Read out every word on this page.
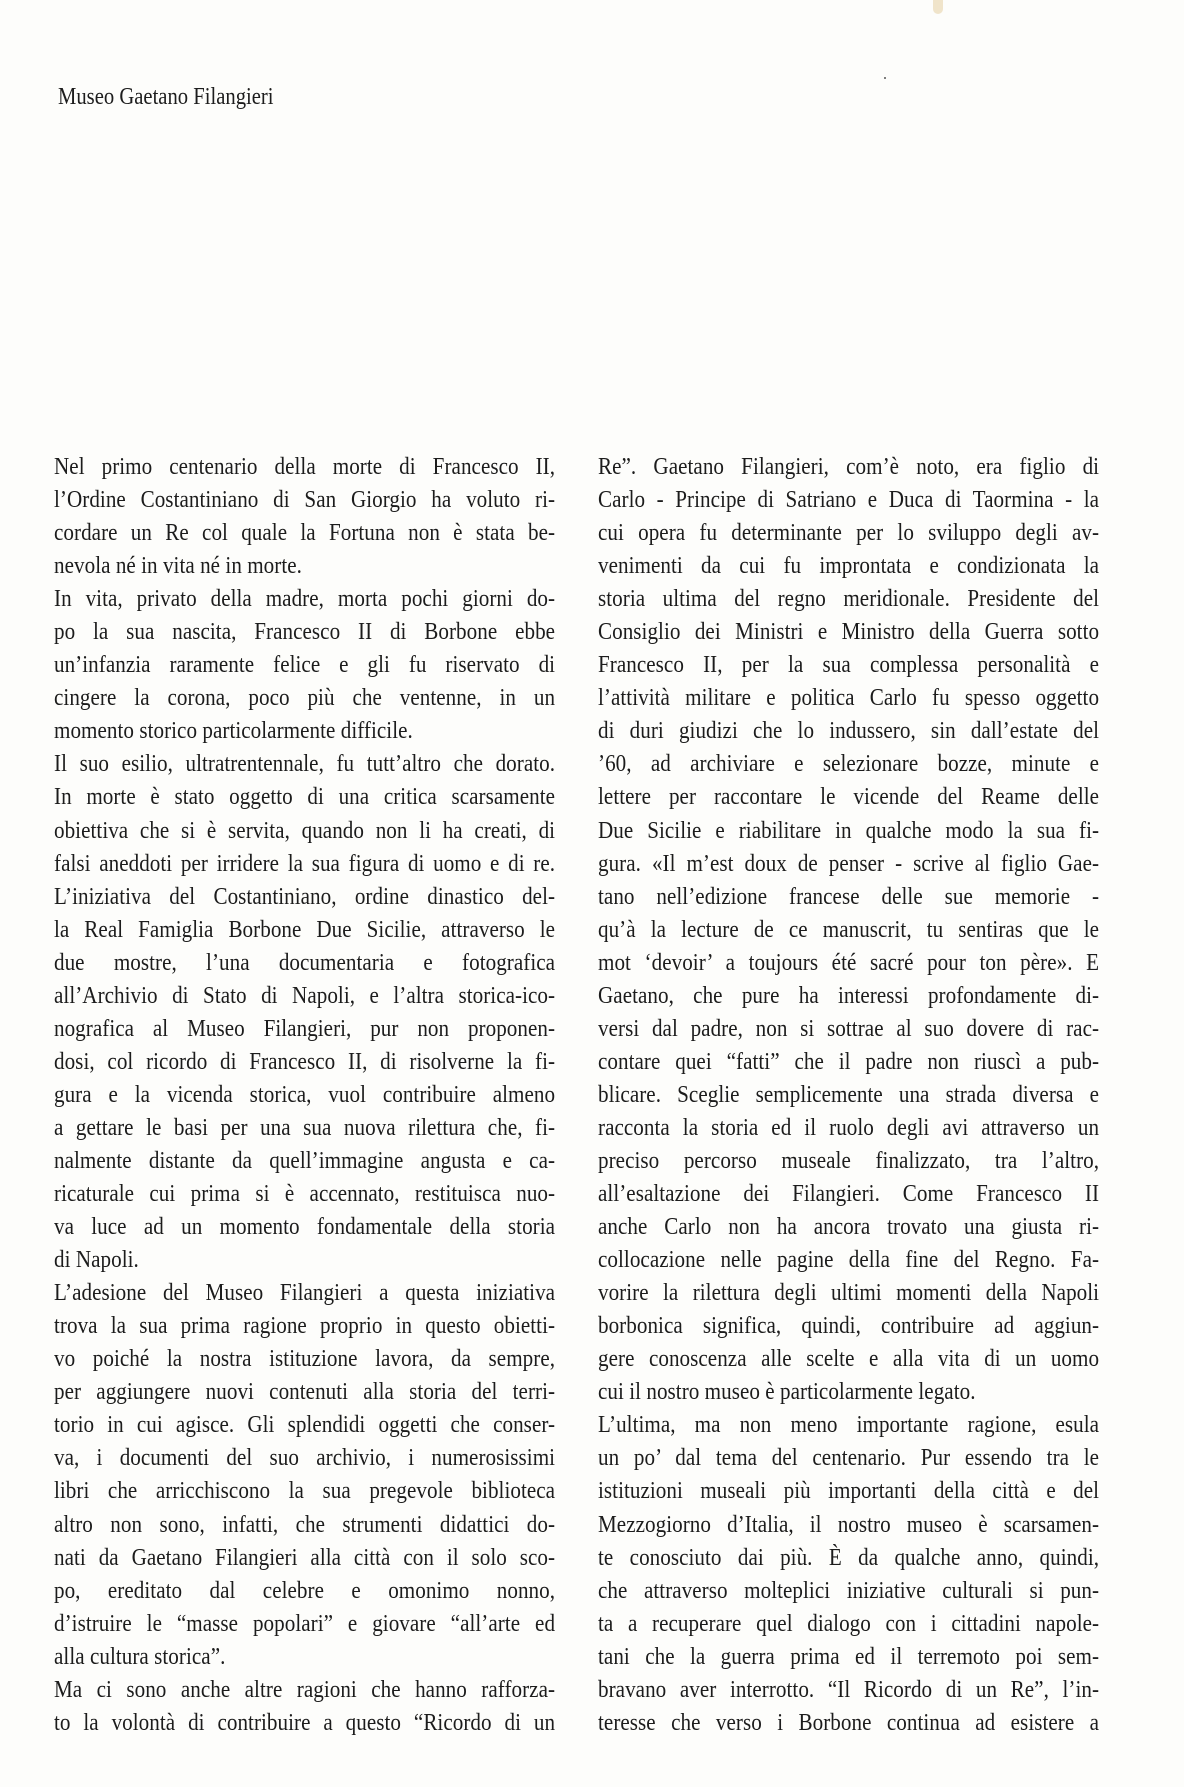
Museo Gaetano Filangieri
Nel primo centenario della morte di Francesco II,
l’Ordine Costantiniano di San Giorgio ha voluto ri-
cordare un Re col quale la Fortuna non è stata be-
nevola né in vita né in morte.
In vita, privato della madre, morta pochi giorni do-
po la sua nascita, Francesco II di Borbone ebbe
un’infanzia raramente felice e gli fu riservato di
cingere la corona, poco più che ventenne, in un
momento storico particolarmente difficile.
Il suo esilio, ultratrentennale, fu tutt’altro che dorato.
In morte è stato oggetto di una critica scarsamente
obiettiva che si è servita, quando non li ha creati, di
falsi aneddoti per irridere la sua figura di uomo e di re.
L’iniziativa del Costantiniano, ordine dinastico del-
la Real Famiglia Borbone Due Sicilie, attraverso le
due mostre, l’una documentaria e fotografica
all’Archivio di Stato di Napoli, e l’altra storica-ico-
nografica al Museo Filangieri, pur non proponen-
dosi, col ricordo di Francesco II, di risolverne la fi-
gura e la vicenda storica, vuol contribuire almeno
a gettare le basi per una sua nuova rilettura che, fi-
nalmente distante da quell’immagine angusta e ca-
ricaturale cui prima si è accennato, restituisca nuo-
va luce ad un momento fondamentale della storia
di Napoli.
L’adesione del Museo Filangieri a questa iniziativa
trova la sua prima ragione proprio in questo obietti-
vo poiché la nostra istituzione lavora, da sempre,
per aggiungere nuovi contenuti alla storia del terri-
torio in cui agisce. Gli splendidi oggetti che conser-
va, i documenti del suo archivio, i numerosissimi
libri che arricchiscono la sua pregevole biblioteca
altro non sono, infatti, che strumenti didattici do-
nati da Gaetano Filangieri alla città con il solo sco-
po, ereditato dal celebre e omonimo nonno,
d’istruire le “masse popolari” e giovare “all’arte ed
alla cultura storica”.
Ma ci sono anche altre ragioni che hanno rafforza-
to la volontà di contribuire a questo “Ricordo di un
Re”. Gaetano Filangieri, com’è noto, era figlio di
Carlo - Principe di Satriano e Duca di Taormina - la
cui opera fu determinante per lo sviluppo degli av-
venimenti da cui fu improntata e condizionata la
storia ultima del regno meridionale. Presidente del
Consiglio dei Ministri e Ministro della Guerra sotto
Francesco II, per la sua complessa personalità e
l’attività militare e politica Carlo fu spesso oggetto
di duri giudizi che lo indussero, sin dall’estate del
’60, ad archiviare e selezionare bozze, minute e
lettere per raccontare le vicende del Reame delle
Due Sicilie e riabilitare in qualche modo la sua fi-
gura. «Il m’est doux de penser - scrive al figlio Gae-
tano nell’edizione francese delle sue memorie -
qu’à la lecture de ce manuscrit, tu sentiras que le
mot ‘devoir’ a toujours été sacré pour ton père». E
Gaetano, che pure ha interessi profondamente di-
versi dal padre, non si sottrae al suo dovere di rac-
contare quei “fatti” che il padre non riuscì a pub-
blicare. Sceglie semplicemente una strada diversa e
racconta la storia ed il ruolo degli avi attraverso un
preciso percorso museale finalizzato, tra l’altro,
all’esaltazione dei Filangieri. Come Francesco II
anche Carlo non ha ancora trovato una giusta ri-
collocazione nelle pagine della fine del Regno. Fa-
vorire la rilettura degli ultimi momenti della Napoli
borbonica significa, quindi, contribuire ad aggiun-
gere conoscenza alle scelte e alla vita di un uomo
cui il nostro museo è particolarmente legato.
L’ultima, ma non meno importante ragione, esula
un po’ dal tema del centenario. Pur essendo tra le
istituzioni museali più importanti della città e del
Mezzogiorno d’Italia, il nostro museo è scarsamen-
te conosciuto dai più. È da qualche anno, quindi,
che attraverso molteplici iniziative culturali si pun-
ta a recuperare quel dialogo con i cittadini napole-
tani che la guerra prima ed il terremoto poi sem-
bravano aver interrotto. “Il Ricordo di un Re”, l’in-
teresse che verso i Borbone continua ad esistere a
